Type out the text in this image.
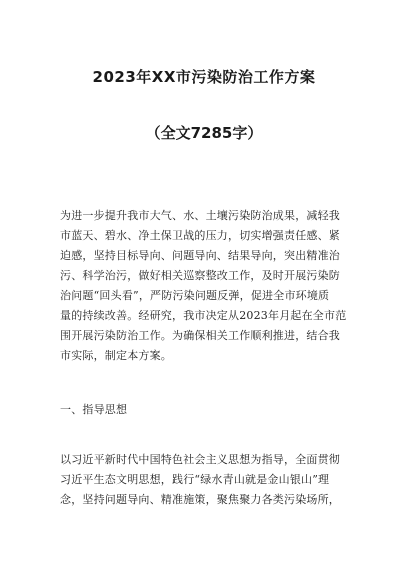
2023年XX市污染防治工作方案
（全文7285字）
为进一步提升我市大气、水、土壤污染防治成果，减轻我
市蓝天、碧水、净土保卫战的压力，切实增强责任感、紧
迫感，坚持目标导向、问题导向、结果导向，突出精准治
污、科学治污，做好相关巡察整改工作，及时开展污染防
治问题“回头看”，严防污染问题反弹，促进全市环境质
量的持续改善。经研究，我市决定从2023年月起在全市范
围开展污染防治工作。为确保相关工作顺利推进，结合我
市实际，制定本方案。
一、指导思想
以习近平新时代中国特色社会主义思想为指导，全面贯彻
习近平生态文明思想，践行“绿水青山就是金山银山”理
念，坚持问题导向、精准施策，聚焦聚力各类污染场所，
